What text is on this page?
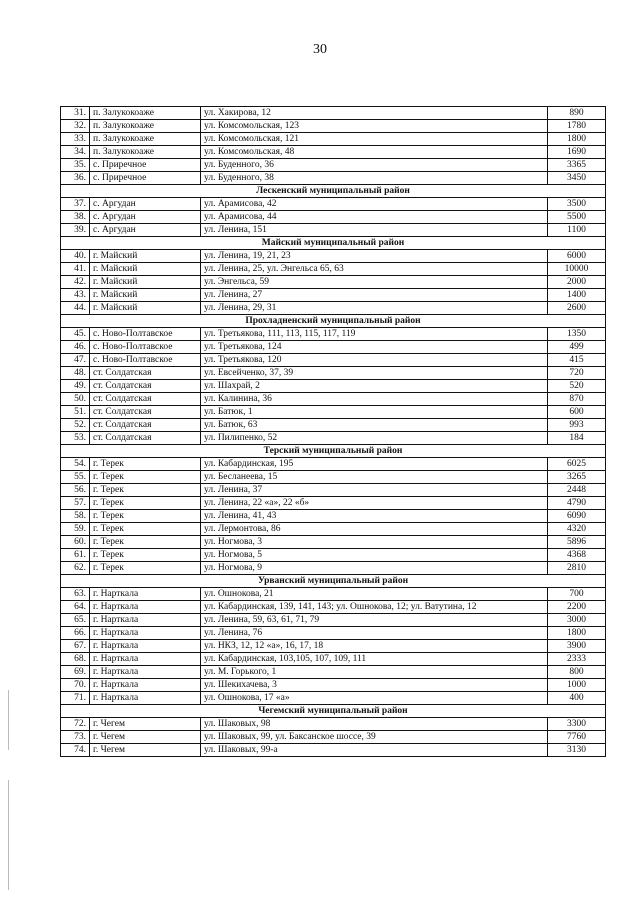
30
31.	п. Залукокоаже	ул. Хакирова, 12	890
32.	п. Залукокоаже	ул. Комсомольская, 123	1780
33.	п. Залукокоаже	ул. Комсомольская, 121	1800
34.	п. Залукокоаже	ул. Комсомольская, 48	1690
35.	с. Приречное	ул. Буденного, 36	3365
36.	с. Приречное	ул. Буденного, 38	3450
Лескенский муниципальный район			
37.	с. Аргудан	ул. Арамисова, 42	3500
38.	с. Аргудан	ул. Арамисова, 44	5500
39.	с. Аргудан	ул. Ленина, 151	1100
Майский муниципальный район			
40.	г. Майский	ул. Ленина, 19, 21, 23	6000
41.	г. Майский	ул. Ленина, 25, ул. Энгельса 65, 63	10000
42.	г. Майский	ул. Энгельса, 59	2000
43.	г. Майский	ул. Ленина, 27	1400
44.	г. Майский	ул. Ленина, 29, 31	2600
Прохладненский муниципальный район			
45.	с. Ново-Полтавское	ул. Третьякова, 111, 113, 115, 117, 119	1350
46.	с. Ново-Полтавское	ул. Третьякова, 124	499
47.	с. Ново-Полтавское	ул. Третьякова, 120	415
48.	ст. Солдатская	ул. Евсейченко, 37, 39	720
49.	ст. Солдатская	ул. Шахрай, 2	520
50.	ст. Солдатская	ул. Калинина, 36	870
51.	ст. Солдатская	ул. Батюк, 1	600
52.	ст. Солдатская	ул. Батюк, 63	993
53.	ст. Солдатская	ул. Пилипенко, 52	184
Терский муниципальный район			
54.	г. Терек	ул. Кабардинская, 195	6025
55.	г. Терек	ул. Бесланеева, 15	3265
56.	г. Терек	ул. Ленина, 37	2448
57.	г. Терек	ул. Ленина, 22 «а», 22 «б»	4790
58.	г. Терек	ул. Ленина, 41, 43	6090
59.	г. Терек	ул. Лермонтова, 86	4320
60.	г. Терек	ул. Ногмова, 3	5896
61.	г. Терек	ул. Ногмова, 5	4368
62.	г. Терек	ул. Ногмова, 9	2810
Урванский муниципальный район			
63.	г. Нарткала	ул. Ошнокова, 21	700
64.	г. Нарткала	ул. Кабардинская, 139, 141, 143; ул. Ошнокова, 12; ул. Ватутина, 12	2200
65.	г. Нарткала	ул. Ленина, 59, 63, 61, 71, 79	3000
66.	г. Нарткала	ул. Ленина, 76	1800
67.	г. Нарткала	ул. НКЗ, 12, 12 «а», 16, 17, 18	3900
68.	г. Нарткала	ул. Кабардинская, 103,105, 107, 109, 111	2333
69.	г. Нарткала	ул. М. Горького, 1	800
70.	г. Нарткала	ул. Шекихачева, 3	1000
71.	г. Нарткала	ул. Ошнокова, 17 «а»	400
Чегемский муниципальный район			
72.	г. Чегем	ул. Шаковых, 98	3300
73.	г. Чегем	ул. Шаковых, 99, ул. Баксанское шоссе, 39	7760
74.	г. Чегем	ул. Шаковых, 99-а	3130
